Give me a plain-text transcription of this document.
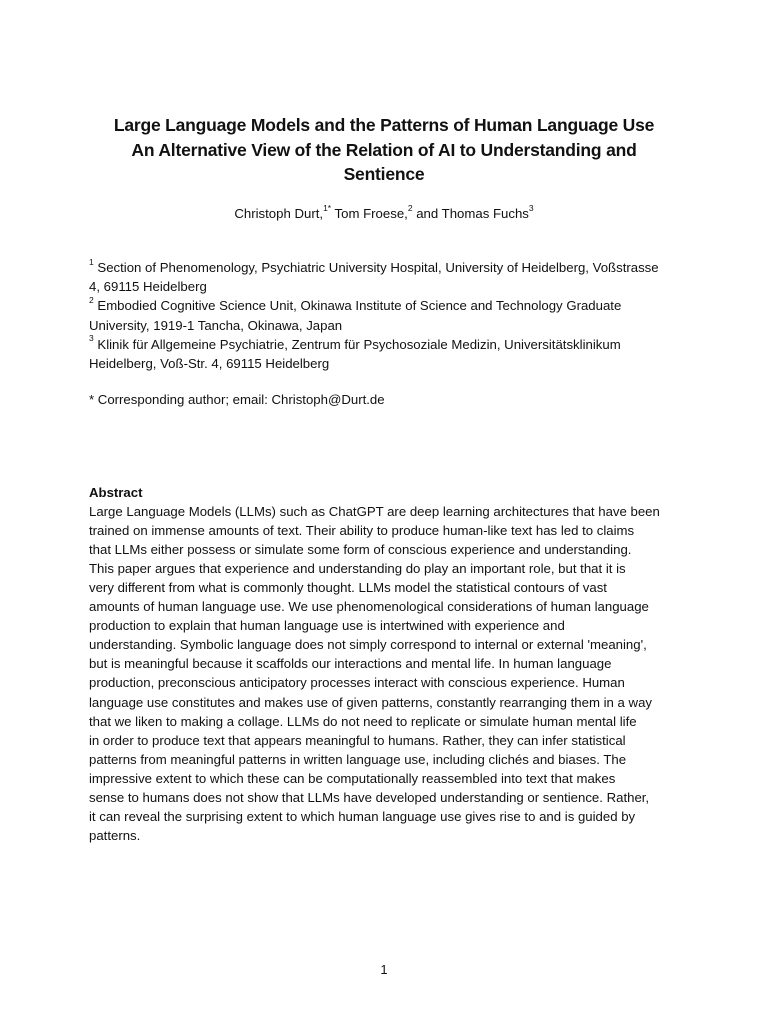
Large Language Models and the Patterns of Human Language Use
An Alternative View of the Relation of AI to Understanding and
Sentience
Christoph Durt,$^{1*}$ Tom Froese,$^2$ and Thomas Fuchs$^3$
$^1$ Section of Phenomenology, Psychiatric University Hospital, University of Heidelberg, Voßstrasse
4, 69115 Heidelberg
$^2$ Embodied Cognitive Science Unit, Okinawa Institute of Science and Technology Graduate
University, 1919-1 Tancha, Okinawa, Japan
$^3$ Klinik für Allgemeine Psychiatrie, Zentrum für Psychosoziale Medizin, Universitätsklinikum
Heidelberg, Voß-Str. 4, 69115 Heidelberg
* Corresponding author; email: Christoph@Durt.de
Abstract
Large Language Models (LLMs) such as ChatGPT are deep learning architectures that have been
trained on immense amounts of text. Their ability to produce human-like text has led to claims
that LLMs either possess or simulate some form of conscious experience and understanding.
This paper argues that experience and understanding do play an important role, but that it is
very different from what is commonly thought. LLMs model the statistical contours of vast
amounts of human language use. We use phenomenological considerations of human language
production to explain that human language use is intertwined with experience and
understanding. Symbolic language does not simply correspond to internal or external 'meaning',
but is meaningful because it scaffolds our interactions and mental life. In human language
production, preconscious anticipatory processes interact with conscious experience. Human
language use constitutes and makes use of given patterns, constantly rearranging them in a way
that we liken to making a collage. LLMs do not need to replicate or simulate human mental life
in order to produce text that appears meaningful to humans. Rather, they can infer statistical
patterns from meaningful patterns in written language use, including clichés and biases. The
impressive extent to which these can be computationally reassembled into text that makes
sense to humans does not show that LLMs have developed understanding or sentience. Rather,
it can reveal the surprising extent to which human language use gives rise to and is guided by
patterns.
1
